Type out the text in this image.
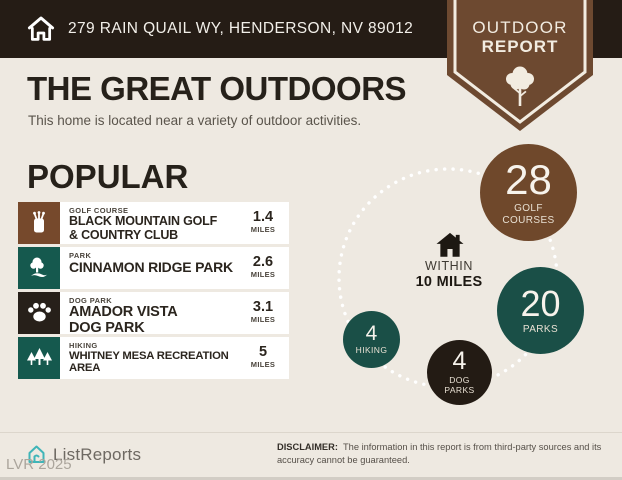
279 RAIN QUAIL WY, HENDERSON, NV 89012	OUTDOOR
REPORT
THE GREAT OUTDOORS
This home is located near a variety of outdoor activities.
POPULAR
GOLF COURSE
BLACK MOUNTAIN GOLF & COUNTRY CLUB
1.4
MILES
PARK
CINNAMON RIDGE PARK	2.6
MILES
DOG PARK
AMADOR VISTA DOG PARK
3.1
MILES
HIKING
WHITNEY MESA RECREATION AREA
5
MILES
WITHIN
10 MILES
28
GOLF COURSES
20
PARKS
4
DOG PARKS
4
HIKING
ListReports
LVR 2025
DISCLAIMER: The information in this report is from third-party sources and its accuracy cannot be guaranteed.
